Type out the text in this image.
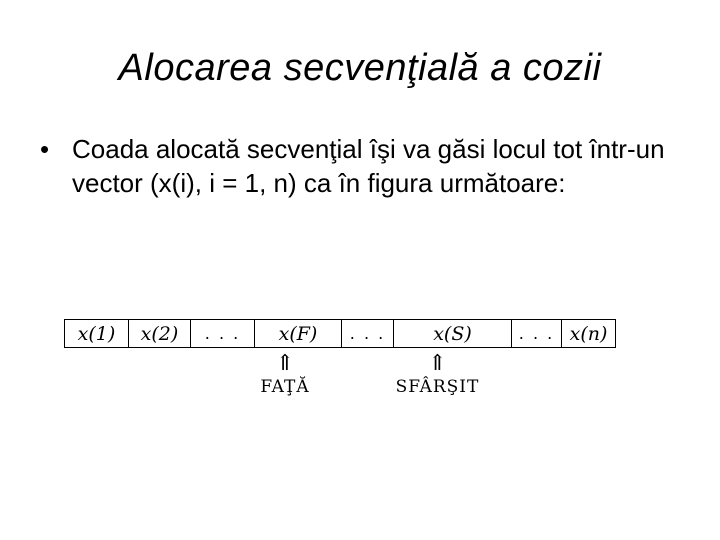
Alocarea secvenţială a cozii
• Coada alocată secvenţial îşi va găsi locul tot într-un vector (x(i), i = 1, n) ca în figura următoare:
x(1)	x(2)	. . .	x(F)	. . .	x(S)	. . . x(n)
⇑
FAŢĂ
⇑
SFÂRŞIT
